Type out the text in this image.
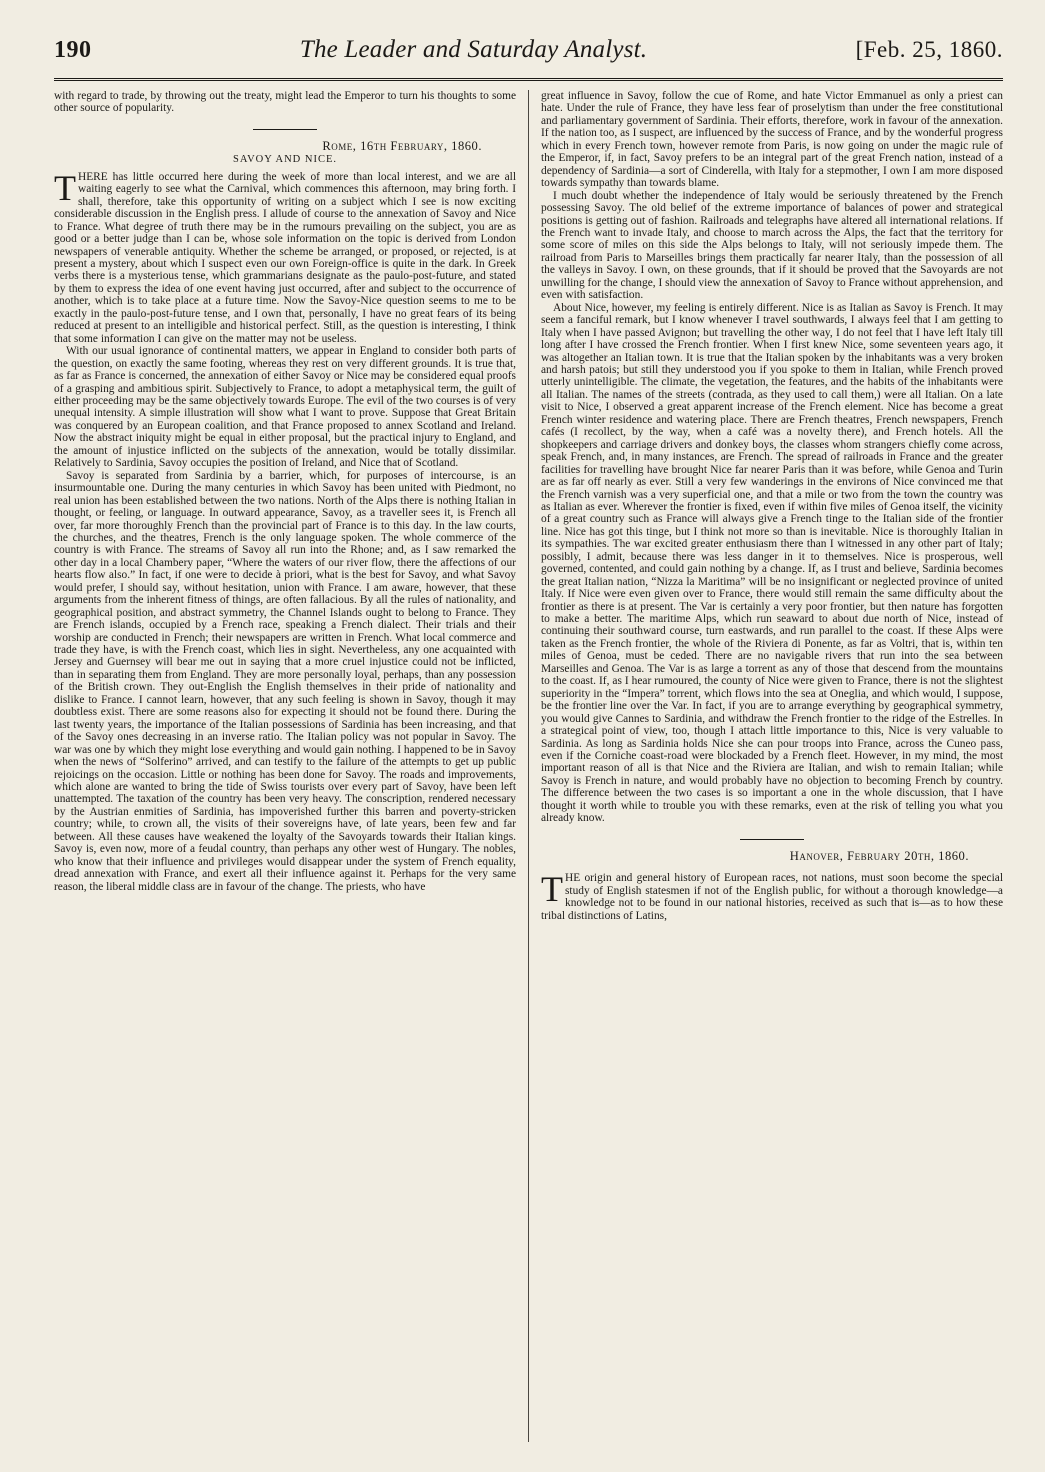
190	The Leader and Saturday Analyst.	[Feb. 25, 1860.

with regard to trade, by throwing out the treaty, might lead the Emperor to turn his thoughts to some other source of popularity.

Rome, 16th February, 1860.

SAVOY AND NICE.

THERE has little occurred here during the week of more than local interest, and we are all waiting eagerly to see what the Carnival, which commences this afternoon, may bring forth. I shall, therefore, take this opportunity of writing on a subject which I see is now exciting considerable discussion in the English press. I allude of course to the annexation of Savoy and Nice to France. What degree of truth there may be in the rumours prevailing on the subject, you are as good or a better judge than I can be, whose sole information on the topic is derived from London newspapers of venerable antiquity. Whether the scheme be arranged, or proposed, or rejected, is at present a mystery, about which I suspect even our own Foreign-office is quite in the dark. In Greek verbs there is a mysterious tense, which grammarians designate as the paulo-post-future, and stated by them to express the idea of one event having just occurred, after and subject to the occurrence of another, which is to take place at a future time. Now the Savoy-Nice question seems to me to be exactly in the paulo-post-future tense, and I own that, personally, I have no great fears of its being reduced at present to an intelligible and historical perfect. Still, as the question is interesting, I think that some information I can give on the matter may not be useless.

With our usual ignorance of continental matters, we appear in England to consider both parts of the question, on exactly the same footing, whereas they rest on very different grounds. It is true that, as far as France is concerned, the annexation of either Savoy or Nice may be considered equal proofs of a grasping and ambitious spirit. Subjectively to France, to adopt a metaphysical term, the guilt of either proceeding may be the same objectively towards Europe. The evil of the two courses is of very unequal intensity. A simple illustration will show what I want to prove. Suppose that Great Britain was conquered by an European coalition, and that France proposed to annex Scotland and Ireland. Now the abstract iniquity might be equal in either proposal, but the practical injury to England, and the amount of injustice inflicted on the subjects of the annexation, would be totally dissimilar. Relatively to Sardinia, Savoy occupies the position of Ireland, and Nice that of Scotland.

Savoy is separated from Sardinia by a barrier, which, for purposes of intercourse, is an insurmountable one. During the many centuries in which Savoy has been united with Piedmont, no real union has been established between the two nations. North of the Alps there is nothing Italian in thought, or feeling, or language. In outward appearance, Savoy, as a traveller sees it, is French all over, far more thoroughly French than the provincial part of France is to this day. In the law courts, the churches, and the theatres, French is the only language spoken. The whole commerce of the country is with France. The streams of Savoy all run into the Rhone; and, as I saw remarked the other day in a local Chambery paper, “Where the waters of our river flow, there the affections of our hearts flow also.” In fact, if one were to decide à priori, what is the best for Savoy, and what Savoy would prefer, I should say, without hesitation, union with France. I am aware, however, that these arguments from the inherent fitness of things, are often fallacious. By all the rules of nationality, and geographical position, and abstract symmetry, the Channel Islands ought to belong to France. They are French islands, occupied by a French race, speaking a French dialect. Their trials and their worship are conducted in French; their newspapers are written in French. What local commerce and trade they have, is with the French coast, which lies in sight. Nevertheless, any one acquainted with Jersey and Guernsey will bear me out in saying that a more cruel injustice could not be inflicted, than in separating them from England. They are more personally loyal, perhaps, than any possession of the British crown. They out-English the English themselves in their pride of nationality and dislike to France. I cannot learn, however, that any such feeling is shown in Savoy, though it may doubtless exist. There are some reasons also for expecting it should not be found there. During the last twenty years, the importance of the Italian possessions of Sardinia has been increasing, and that of the Savoy ones decreasing in an inverse ratio. The Italian policy was not popular in Savoy. The war was one by which they might lose everything and would gain nothing. I happened to be in Savoy when the news of “Solferino” arrived, and can testify to the failure of the attempts to get up public rejoicings on the occasion. Little or nothing has been done for Savoy. The roads and improvements, which alone are wanted to bring the tide of Swiss tourists over every part of Savoy, have been left unattempted. The taxation of the country has been very heavy. The conscription, rendered necessary by the Austrian enmities of Sardinia, has impoverished further this barren and poverty-stricken country; while, to crown all, the visits of their sovereigns have, of late years, been few and far between. All these causes have weakened the loyalty of the Savoyards towards their Italian kings. Savoy is, even now, more of a feudal country, than perhaps any other west of Hungary. The nobles, who know that their influence and privileges would disappear under the system of French equality, dread annexation with France, and exert all their influence against it. Perhaps for the very same reason, the liberal middle class are in favour of the change. The priests, who have

great influence in Savoy, follow the cue of Rome, and hate Victor Emmanuel as only a priest can hate. Under the rule of France, they have less fear of proselytism than under the free constitutional and parliamentary government of Sardinia. Their efforts, therefore, work in favour of the annexation. If the nation too, as I suspect, are influenced by the success of France, and by the wonderful progress which in every French town, however remote from Paris, is now going on under the magic rule of the Emperor, if, in fact, Savoy prefers to be an integral part of the great French nation, instead of a dependency of Sardinia—a sort of Cinderella, with Italy for a stepmother, I own I am more disposed towards sympathy than towards blame.

I much doubt whether the independence of Italy would be seriously threatened by the French possessing Savoy. The old belief of the extreme importance of balances of power and strategical positions is getting out of fashion. Railroads and telegraphs have altered all international relations. If the French want to invade Italy, and choose to march across the Alps, the fact that the territory for some score of miles on this side the Alps belongs to Italy, will not seriously impede them. The railroad from Paris to Marseilles brings them practically far nearer Italy, than the possession of all the valleys in Savoy. I own, on these grounds, that if it should be proved that the Savoyards are not unwilling for the change, I should view the annexation of Savoy to France without apprehension, and even with satisfaction.

About Nice, however, my feeling is entirely different. Nice is as Italian as Savoy is French. It may seem a fanciful remark, but I know whenever I travel southwards, I always feel that I am getting to Italy when I have passed Avignon; but travelling the other way, I do not feel that I have left Italy till long after I have crossed the French frontier. When I first knew Nice, some seventeen years ago, it was altogether an Italian town. It is true that the Italian spoken by the inhabitants was a very broken and harsh patois; but still they understood you if you spoke to them in Italian, while French proved utterly unintelligible. The climate, the vegetation, the features, and the habits of the inhabitants were all Italian. The names of the streets (contrada, as they used to call them,) were all Italian. On a late visit to Nice, I observed a great apparent increase of the French element. Nice has become a great French winter residence and watering place. There are French theatres, French newspapers, French cafés (I recollect, by the way, when a café was a novelty there), and French hotels. All the shopkeepers and carriage drivers and donkey boys, the classes whom strangers chiefly come across, speak French, and, in many instances, are French. The spread of railroads in France and the greater facilities for travelling have brought Nice far nearer Paris than it was before, while Genoa and Turin are as far off nearly as ever. Still a very few wanderings in the environs of Nice convinced me that the French varnish was a very superficial one, and that a mile or two from the town the country was as Italian as ever. Wherever the frontier is fixed, even if within five miles of Genoa itself, the vicinity of a great country such as France will always give a French tinge to the Italian side of the frontier line. Nice has got this tinge, but I think not more so than is inevitable. Nice is thoroughly Italian in its sympathies. The war excited greater enthusiasm there than I witnessed in any other part of Italy; possibly, I admit, because there was less danger in it to themselves. Nice is prosperous, well governed, contented, and could gain nothing by a change. If, as I trust and believe, Sardinia becomes the great Italian nation, “Nizza la Maritima” will be no insignificant or neglected province of united Italy. If Nice were even given over to France, there would still remain the same difficulty about the frontier as there is at present. The Var is certainly a very poor frontier, but then nature has forgotten to make a better. The maritime Alps, which run seaward to about due north of Nice, instead of continuing their southward course, turn eastwards, and run parallel to the coast. If these Alps were taken as the French frontier, the whole of the Riviera di Ponente, as far as Voltri, that is, within ten miles of Genoa, must be ceded. There are no navigable rivers that run into the sea between Marseilles and Genoa. The Var is as large a torrent as any of those that descend from the mountains to the coast. If, as I hear rumoured, the county of Nice were given to France, there is not the slightest superiority in the “Impera” torrent, which flows into the sea at Oneglia, and which would, I suppose, be the frontier line over the Var. In fact, if you are to arrange everything by geographical symmetry, you would give Cannes to Sardinia, and withdraw the French frontier to the ridge of the Estrelles. In a strategical point of view, too, though I attach little importance to this, Nice is very valuable to Sardinia. As long as Sardinia holds Nice she can pour troops into France, across the Cuneo pass, even if the Corniche coast-road were blockaded by a French fleet. However, in my mind, the most important reason of all is that Nice and the Riviera are Italian, and wish to remain Italian; while Savoy is French in nature, and would probably have no objection to becoming French by country. The difference between the two cases is so important a one in the whole discussion, that I have thought it worth while to trouble you with these remarks, even at the risk of telling you what you already know.

Hanover, February 20th, 1860.

THE origin and general history of European races, not nations, must soon become the special study of English statesmen if not of the English public, for without a thorough knowledge—a knowledge not to be found in our national histories, received as such that is—as to how these tribal distinctions of Latins,
